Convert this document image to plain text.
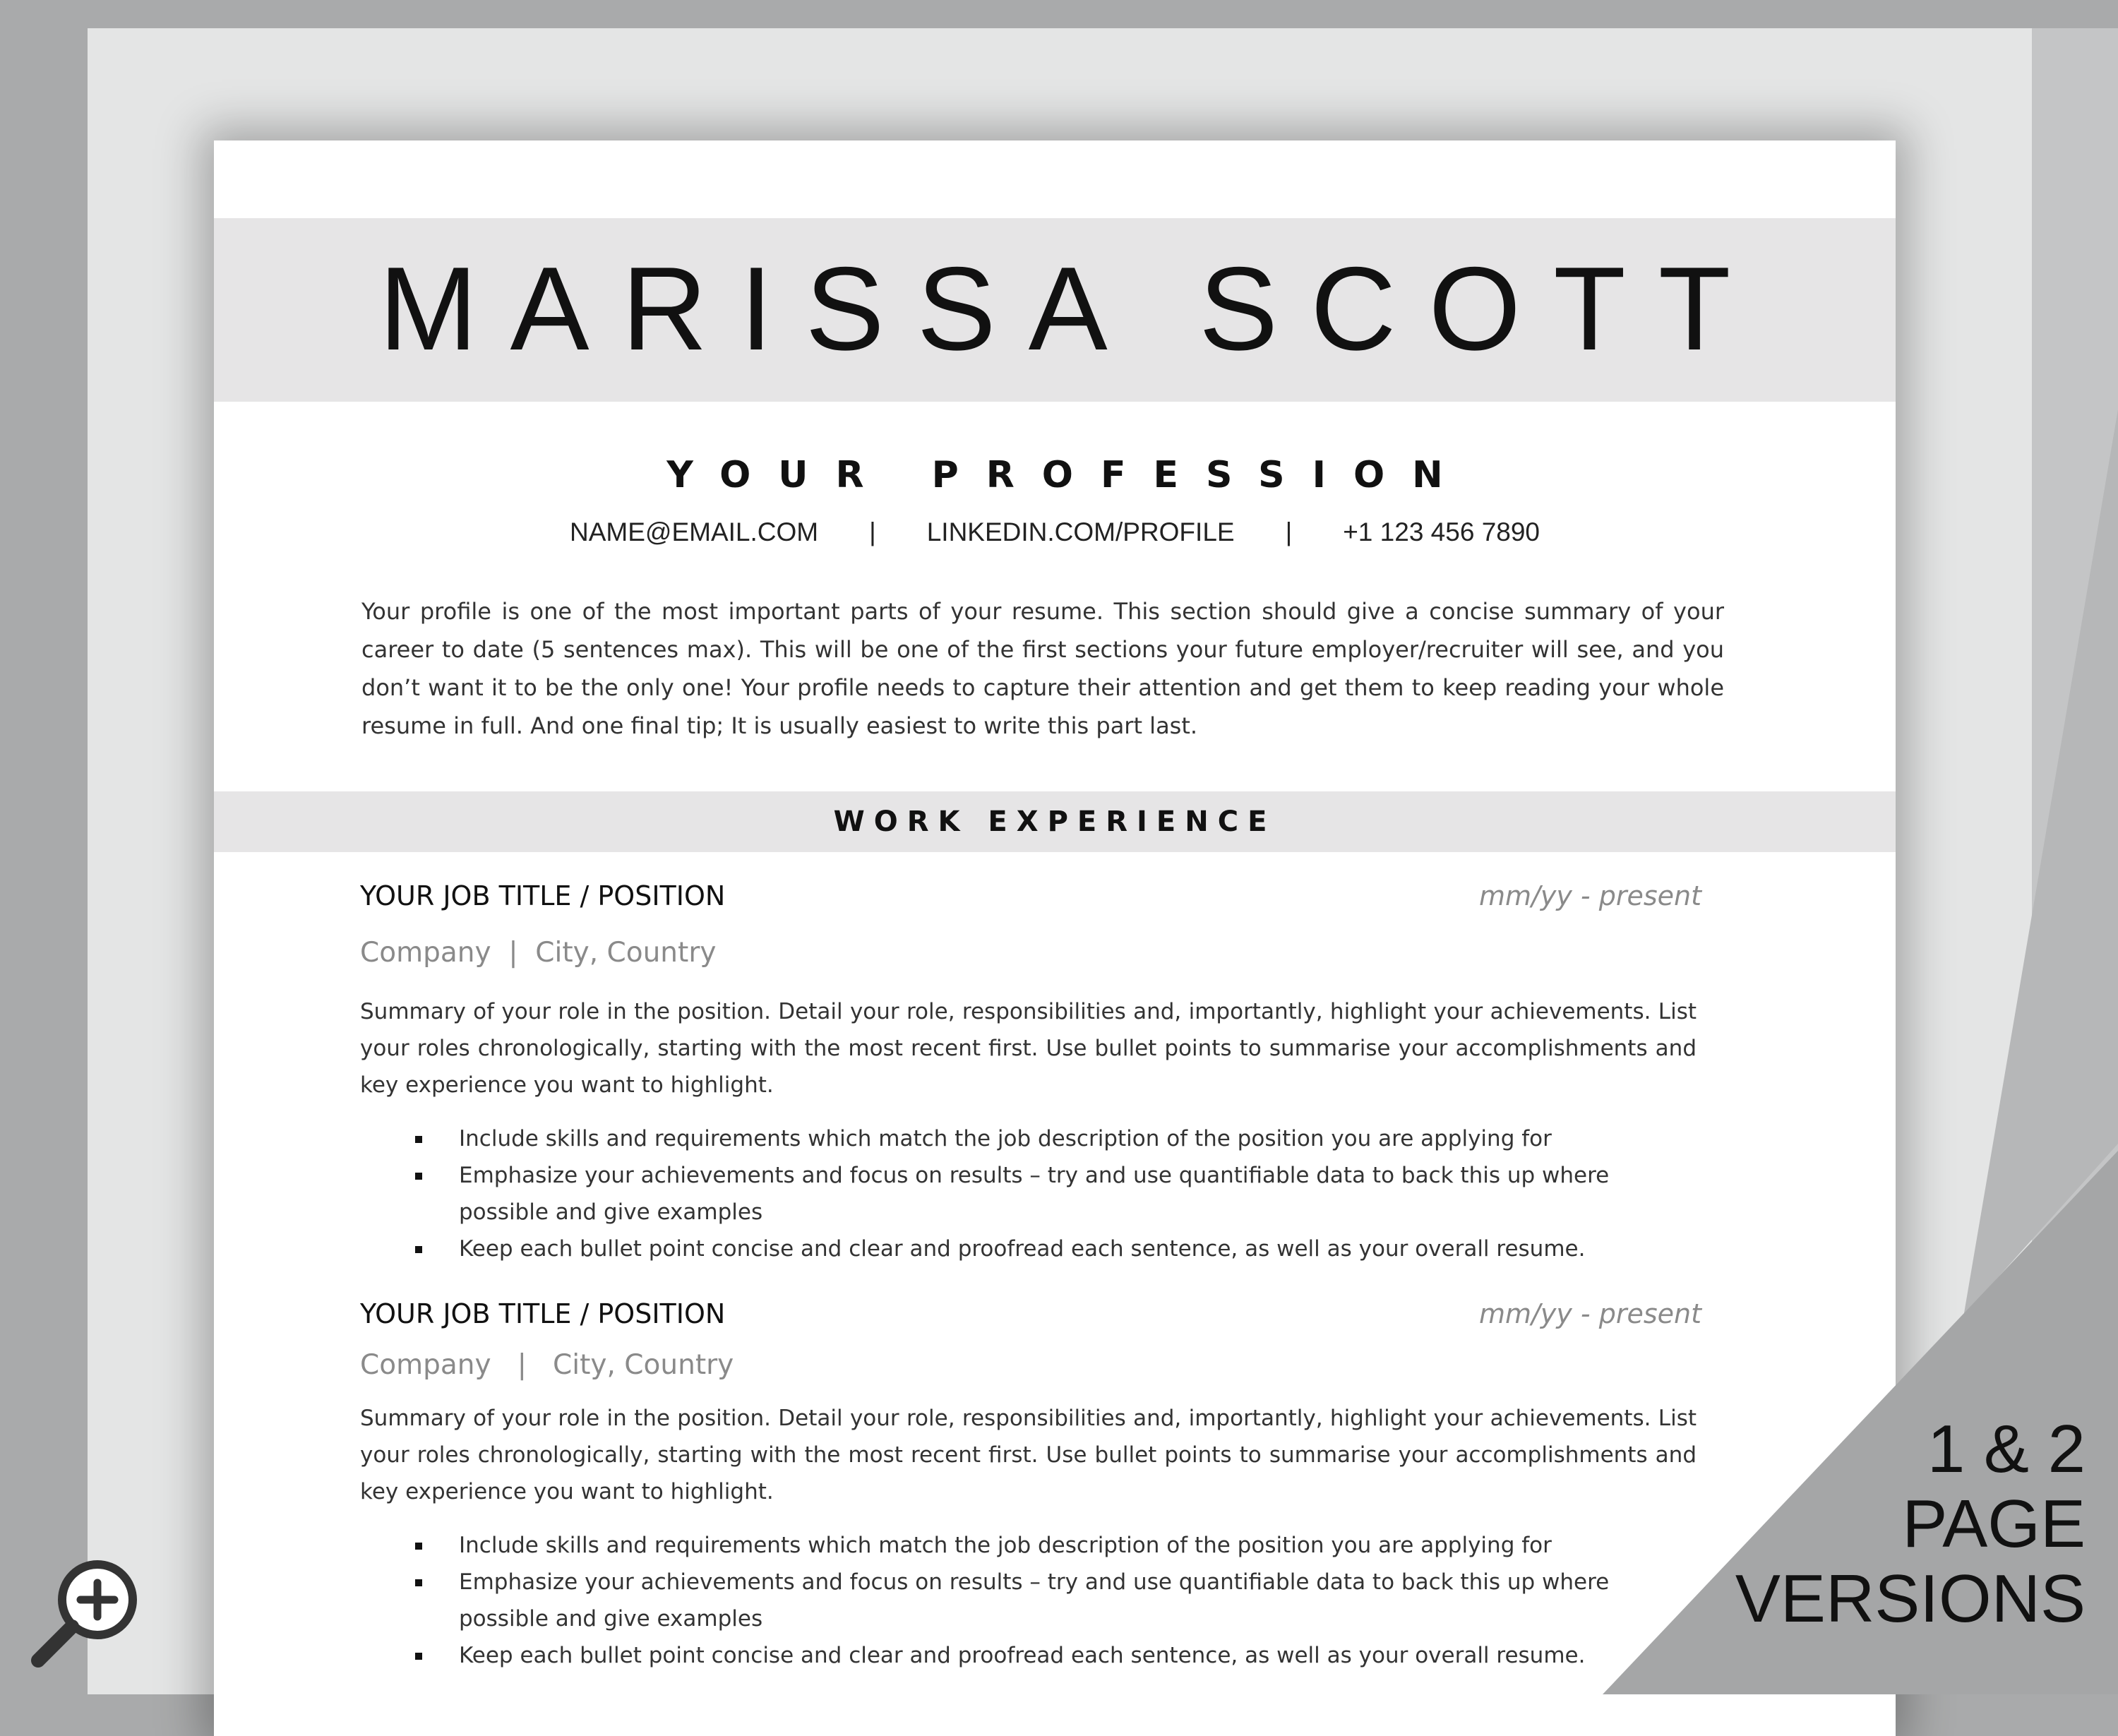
MARISSA SCOTT
YOUR PROFESSION
NAME@EMAIL.COM | LINKEDIN.COM/PROFILE | +1 123 456 7890
Your profile is one of the most important parts of your resume. This section should give a concise summary of your career to date (5 sentences max). This will be one of the first sections your future employer/recruiter will see, and you don’t want it to be the only one! Your profile needs to capture their attention and get them to keep reading your whole resume in full. And one final tip; It is usually easiest to write this part last.
WORK EXPERIENCE
YOUR JOB TITLE / POSITION	mm/yy - present
Company  |  City, Country
Summary of your role in the position. Detail your role, responsibilities and, importantly, highlight your achievements. List your roles chronologically, starting with the most recent first. Use bullet points to summarise your accomplishments and key experience you want to highlight.
Include skills and requirements which match the job description of the position you are applying for
Emphasize your achievements and focus on results – try and use quantifiable data to back this up where possible and give examples
Keep each bullet point concise and clear and proofread each sentence, as well as your overall resume.
YOUR JOB TITLE / POSITION	mm/yy - present
Company   |   City, Country
Summary of your role in the position. Detail your role, responsibilities and, importantly, highlight your achievements. List your roles chronologically, starting with the most recent first. Use bullet points to summarise your accomplishments and key experience you want to highlight.
Include skills and requirements which match the job description of the position you are applying for
Emphasize your achievements and focus on results – try and use quantifiable data to back this up where possible and give examples
Keep each bullet point concise and clear and proofread each sentence, as well as your overall resume.
1 & 2
PAGE
VERSIONS
